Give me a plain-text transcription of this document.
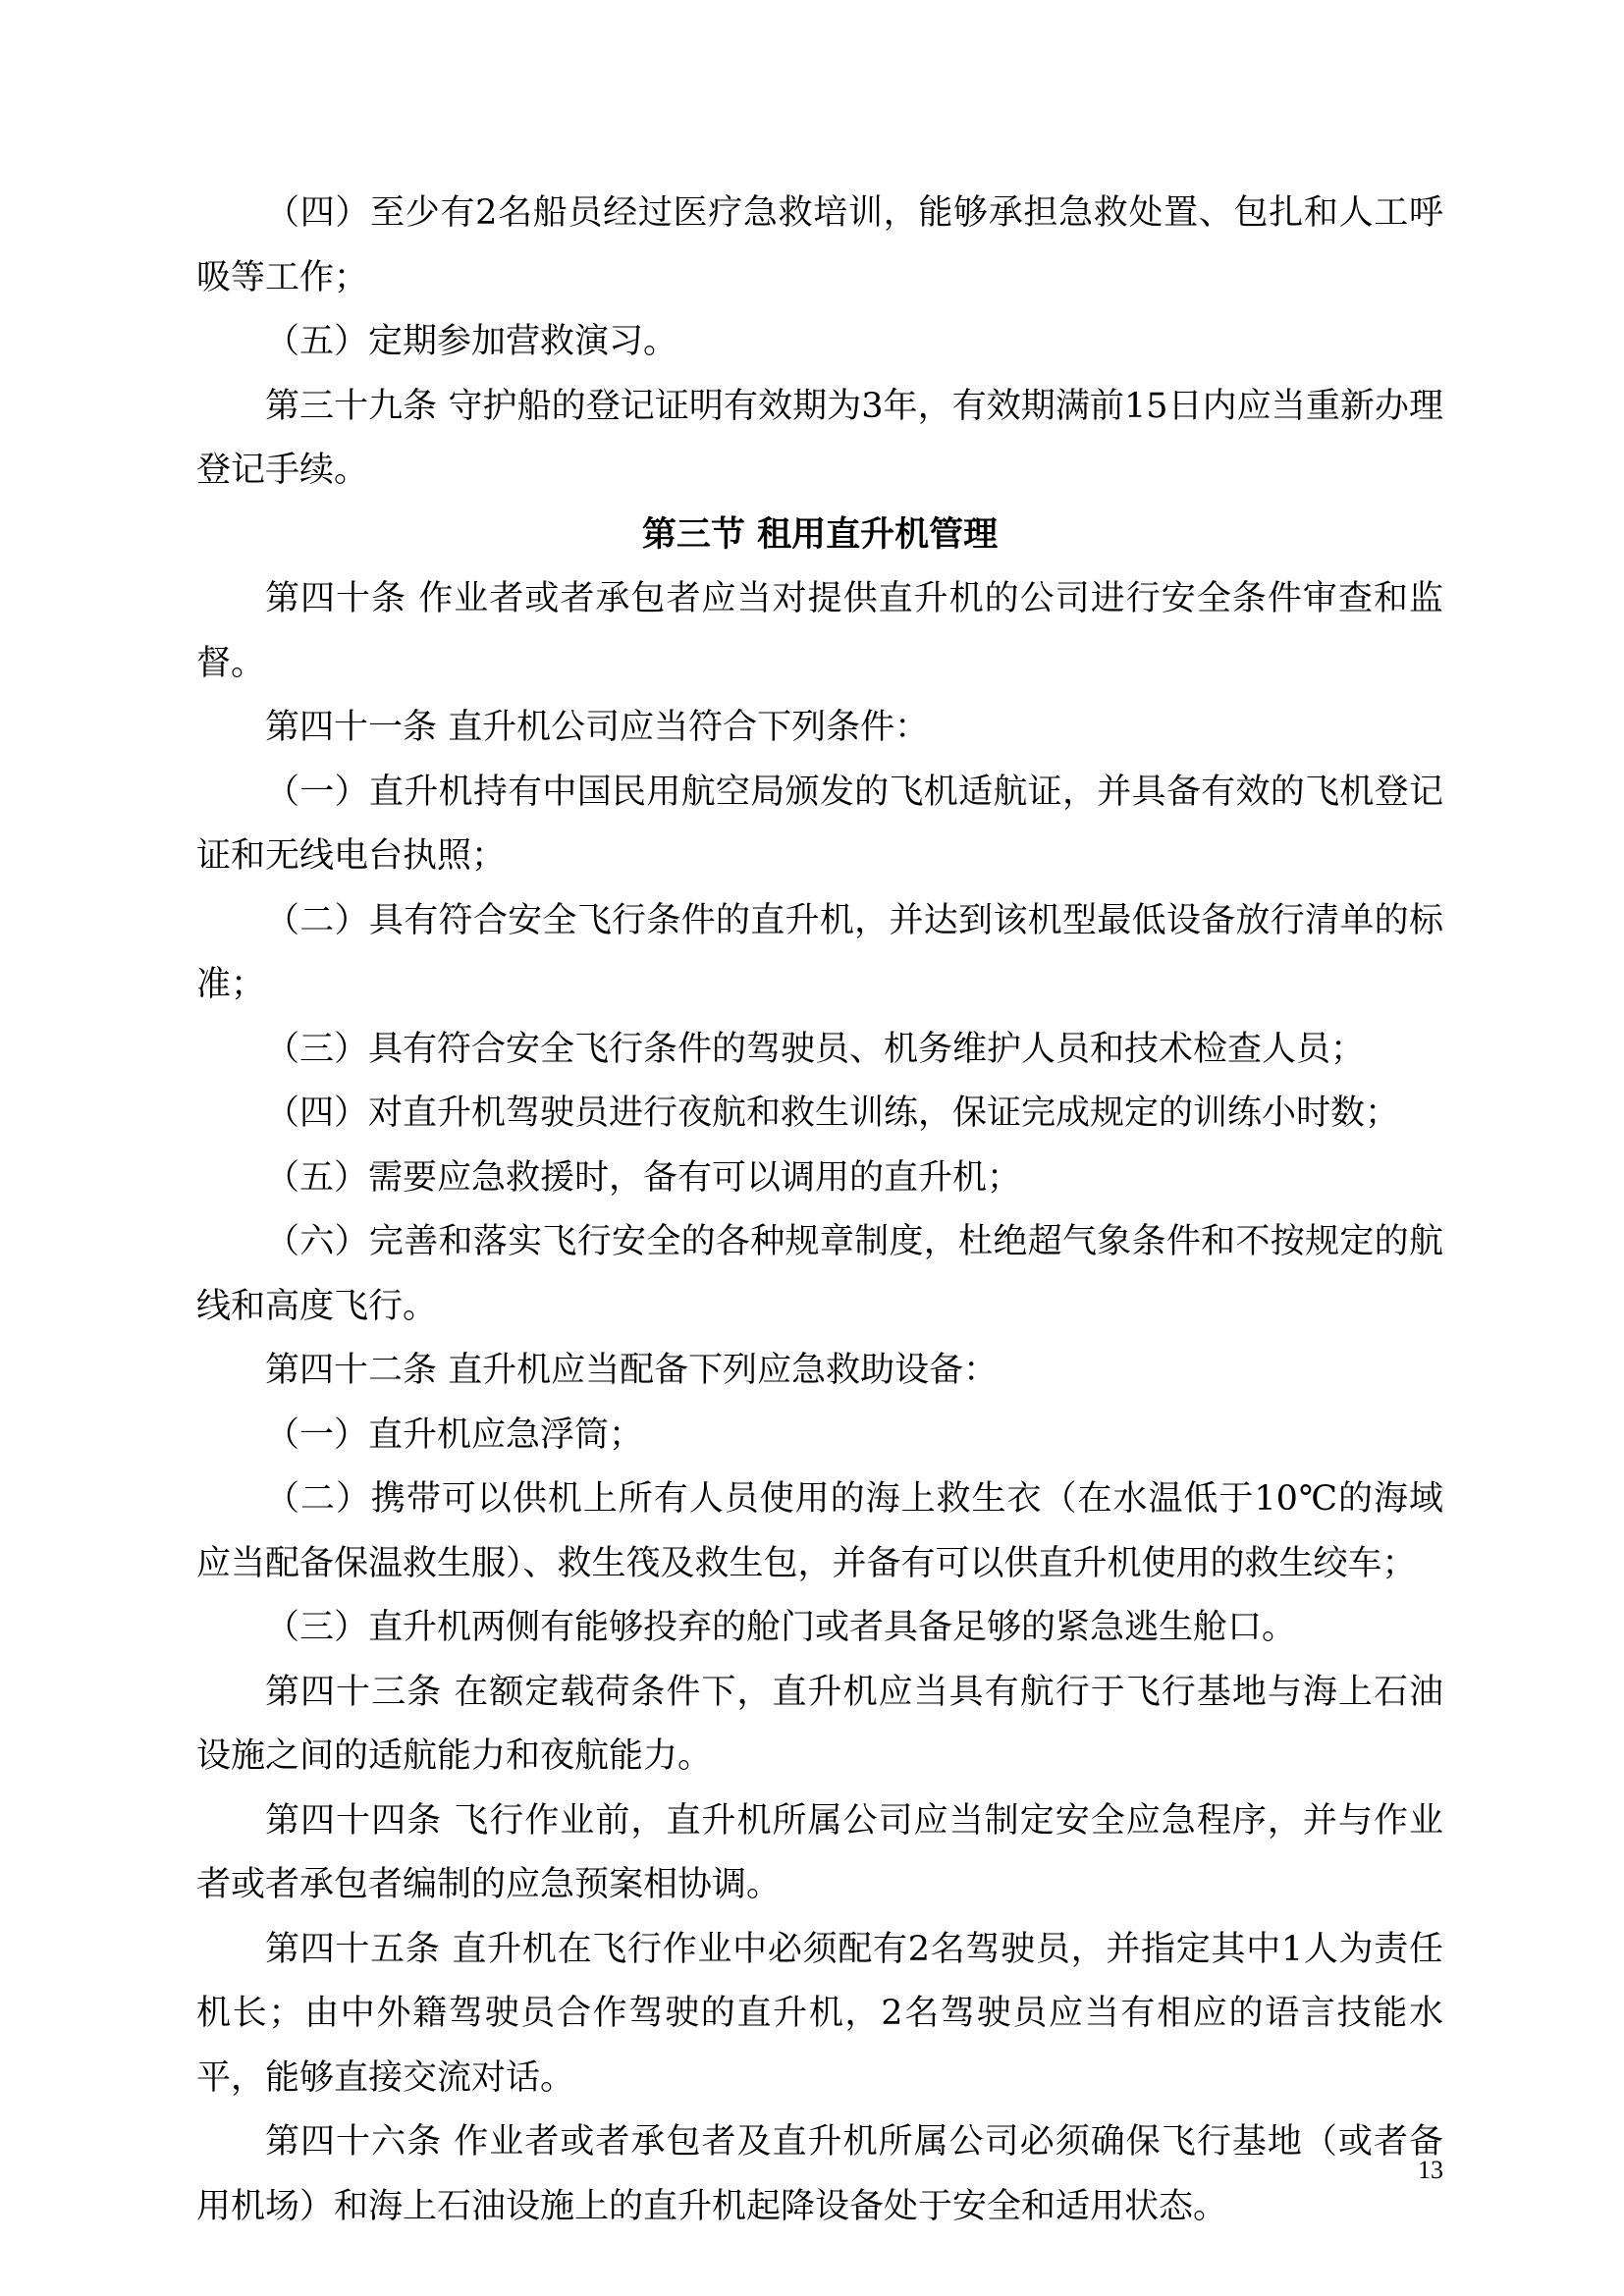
（四）至少有2名船员经过医疗急救培训，能够承担急救处置、包扎和人工呼吸等工作；

（五）定期参加营救演习。

第三十九条 守护船的登记证明有效期为3年，有效期满前15日内应当重新办理登记手续。

第三节 租用直升机管理

第四十条 作业者或者承包者应当对提供直升机的公司进行安全条件审查和监督。

第四十一条 直升机公司应当符合下列条件：

（一）直升机持有中国民用航空局颁发的飞机适航证，并具备有效的飞机登记证和无线电台执照；

（二）具有符合安全飞行条件的直升机，并达到该机型最低设备放行清单的标准；

（三）具有符合安全飞行条件的驾驶员、机务维护人员和技术检查人员；

（四）对直升机驾驶员进行夜航和救生训练，保证完成规定的训练小时数；

（五）需要应急救援时，备有可以调用的直升机；

（六）完善和落实飞行安全的各种规章制度，杜绝超气象条件和不按规定的航线和高度飞行。

第四十二条 直升机应当配备下列应急救助设备：

（一）直升机应急浮筒；

（二）携带可以供机上所有人员使用的海上救生衣（在水温低于10℃的海域应当配备保温救生服）、救生筏及救生包，并备有可以供直升机使用的救生绞车；

（三）直升机两侧有能够投弃的舱门或者具备足够的紧急逃生舱口。

第四十三条 在额定载荷条件下，直升机应当具有航行于飞行基地与海上石油设施之间的适航能力和夜航能力。

第四十四条 飞行作业前，直升机所属公司应当制定安全应急程序，并与作业者或者承包者编制的应急预案相协调。

第四十五条 直升机在飞行作业中必须配有2名驾驶员，并指定其中1人为责任机长；由中外籍驾驶员合作驾驶的直升机，2名驾驶员应当有相应的语言技能水平，能够直接交流对话。

第四十六条 作业者或者承包者及直升机所属公司必须确保飞行基地（或者备用机场）和海上石油设施上的直升机起降设备处于安全和适用状态。

13
